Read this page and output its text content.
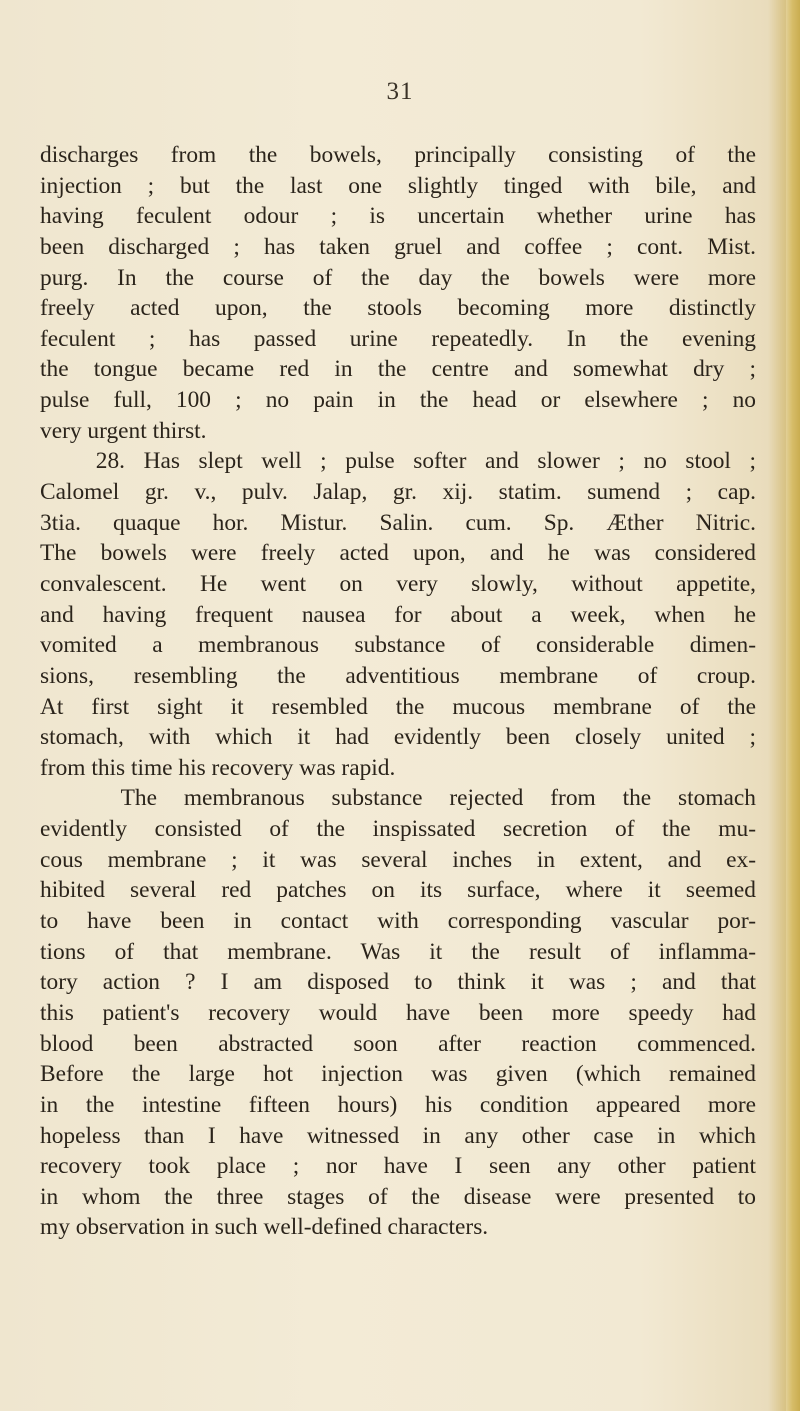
31
discharges from the bowels, principally consisting of the
injection ; but the last one slightly tinged with bile, and
having feculent odour ; is uncertain whether urine has
been discharged ; has taken gruel and coffee ; cont. Mist.
purg. In the course of the day the bowels were more
freely acted upon, the stools becoming more distinctly
feculent ; has passed urine repeatedly. In the evening
the tongue became red in the centre and somewhat dry ;
pulse full, 100 ; no pain in the head or elsewhere ; no
very urgent thirst.
28. Has slept well ; pulse softer and slower ; no stool ;
Calomel gr. v., pulv. Jalap, gr. xij. statim. sumend ; cap.
3tia. quaque hor. Mistur. Salin. cum. Sp. Æther Nitric.
The bowels were freely acted upon, and he was considered
convalescent. He went on very slowly, without appetite,
and having frequent nausea for about a week, when he
vomited a membranous substance of considerable dimen-
sions, resembling the adventitious membrane of croup.
At first sight it resembled the mucous membrane of the
stomach, with which it had evidently been closely united ;
from this time his recovery was rapid.
The membranous substance rejected from the stomach
evidently consisted of the inspissated secretion of the mu-
cous membrane ; it was several inches in extent, and ex-
hibited several red patches on its surface, where it seemed
to have been in contact with corresponding vascular por-
tions of that membrane. Was it the result of inflamma-
tory action ? I am disposed to think it was ; and that
this patient's recovery would have been more speedy had
blood been abstracted soon after reaction commenced.
Before the large hot injection was given (which remained
in the intestine fifteen hours) his condition appeared more
hopeless than I have witnessed in any other case in which
recovery took place ; nor have I seen any other patient
in whom the three stages of the disease were presented to
my observation in such well-defined characters.
